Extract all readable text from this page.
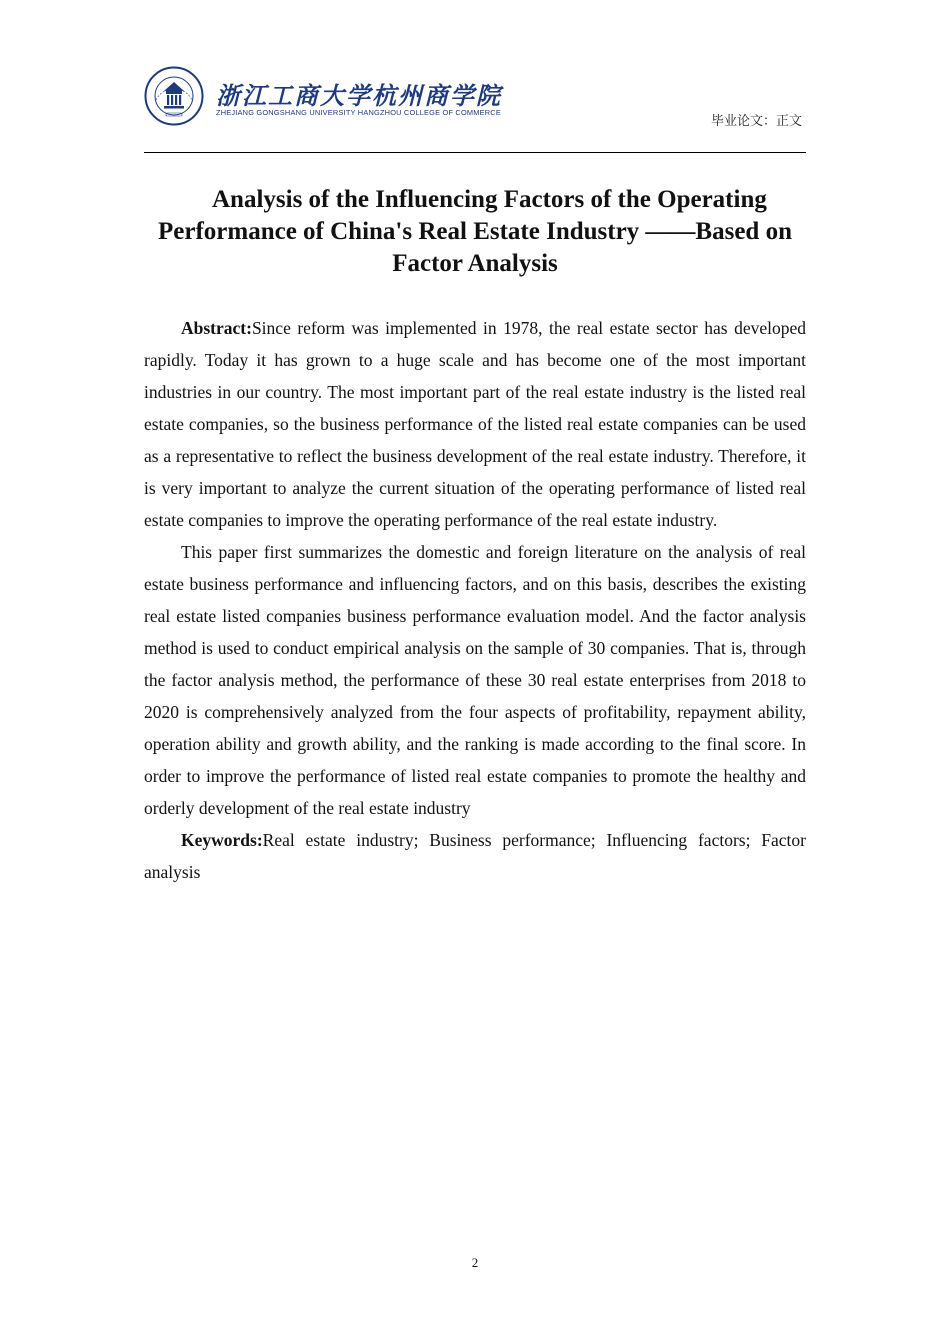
浙江工商大学杭州商学院
ZHEJIANG GONGSHANG UNIVERSITY HANGZHOU COLLEGE OF COMMERCE
毕业论文：正文
Analysis of the Influencing Factors of the Operating
Performance of China's Real Estate Industry ——Based on
Factor Analysis

Abstract:Since reform was implemented in 1978, the real estate sector has developed rapidly. Today it has grown to a huge scale and has become one of the most important industries in our country. The most important part of the real estate industry is the listed real estate companies, so the business performance of the listed real estate companies can be used as a representative to reflect the business development of the real estate industry. Therefore, it is very important to analyze the current situation of the operating performance of listed real estate companies to improve the operating performance of the real estate industry.

This paper first summarizes the domestic and foreign literature on the analysis of real estate business performance and influencing factors, and on this basis, describes the existing real estate listed companies business performance evaluation model. And the factor analysis method is used to conduct empirical analysis on the sample of 30 companies. That is, through the factor analysis method, the performance of these 30 real estate enterprises from 2018 to 2020 is comprehensively analyzed from the four aspects of profitability, repayment ability, operation ability and growth ability, and the ranking is made according to the final score. In order to improve the performance of listed real estate companies to promote the healthy and orderly development of the real estate industry

Keywords:Real estate industry; Business performance; Influencing factors; Factor analysis

2
